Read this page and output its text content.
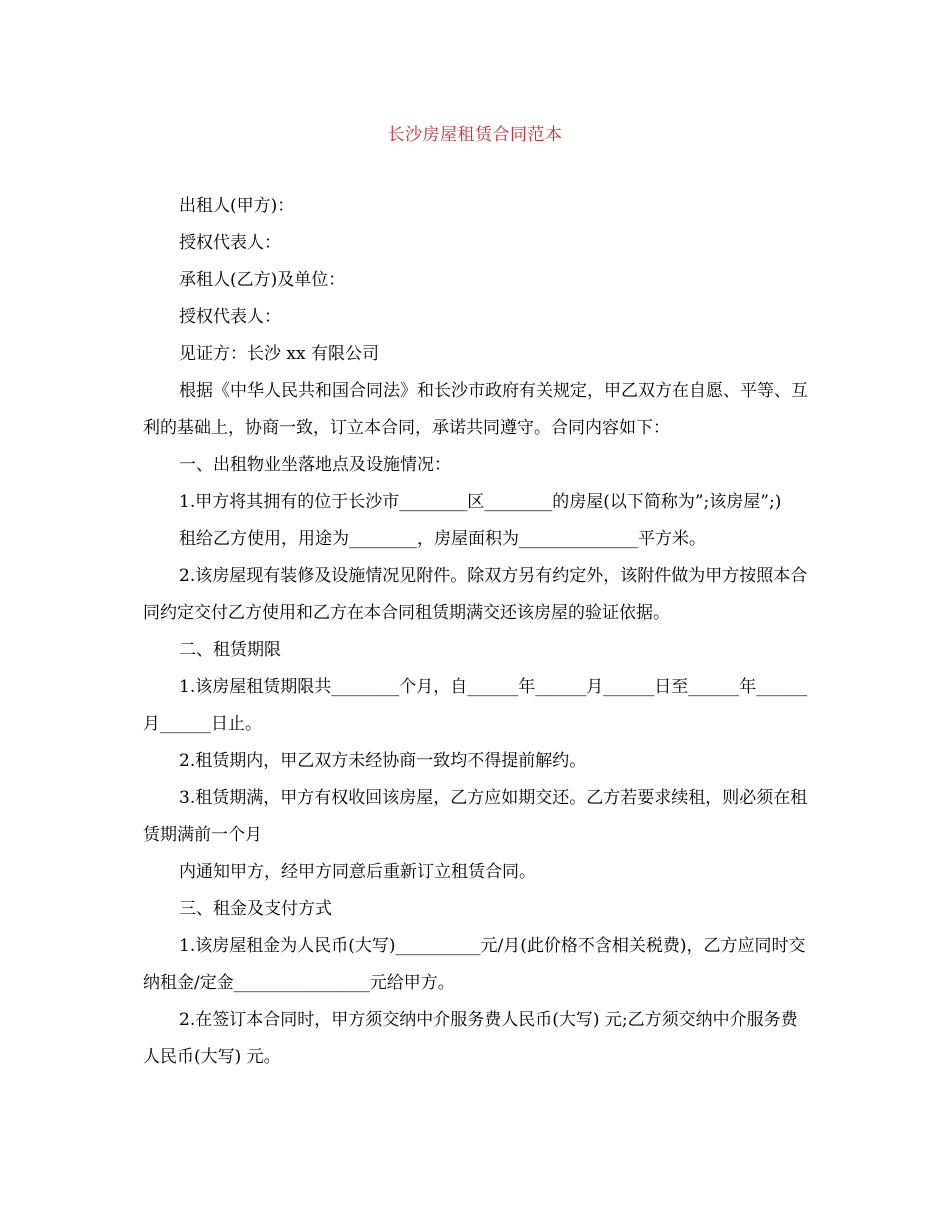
长沙房屋租赁合同范本

出租人(甲方)：

授权代表人：

承租人(乙方)及单位：

授权代表人：

见证方：长沙 xx 有限公司

根据《中华人民共和国合同法》和长沙市政府有关规定，甲乙双方在自愿、平等、互利的基础上，协商一致，订立本合同，承诺共同遵守。合同内容如下：

一、出租物业坐落地点及设施情况：

1.甲方将其拥有的位于长沙市________区________的房屋(以下简称为”;该房屋”;)

租给乙方使用，用途为________，房屋面积为______________平方米。

2.该房屋现有装修及设施情况见附件。除双方另有约定外，该附件做为甲方按照本合同约定交付乙方使用和乙方在本合同租赁期满交还该房屋的验证依据。

二、租赁期限

1.该房屋租赁期限共________个月，自______年______月______日至______年______月______日止。

2.租赁期内，甲乙双方未经协商一致均不得提前解约。

3.租赁期满，甲方有权收回该房屋，乙方应如期交还。乙方若要求续租，则必须在租赁期满前一个月

内通知甲方，经甲方同意后重新订立租赁合同。

三、租金及支付方式

1.该房屋租金为人民币(大写)__________元/月(此价格不含相关税费)，乙方应同时交纳租金/定金________________元给甲方。

2.在签订本合同时，甲方须交纳中介服务费人民币(大写) 元;乙方须交纳中介服务费人民币(大写) 元。
